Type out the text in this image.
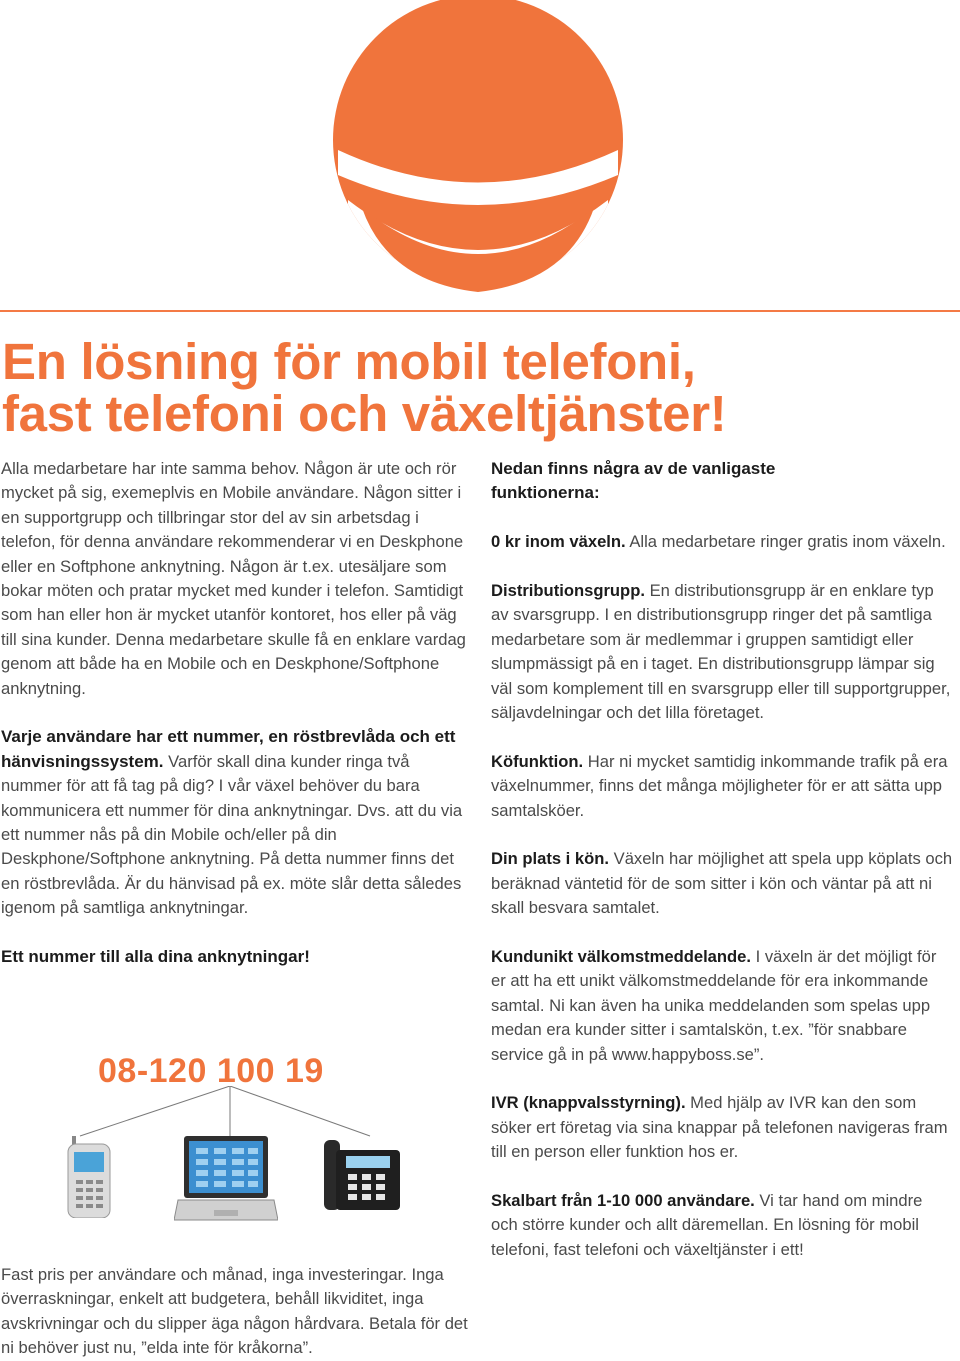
En lösning för mobil telefoni,
fast telefoni och växeltjänster!

Alla medarbetare har inte samma behov. Någon är ute och rör mycket på sig, exemeplvis en Mobile användare. Någon sitter i en supportgrupp och tillbringar stor del av sin arbetsdag i telefon, för denna användare rekommenderar vi en Deskphone eller en Softphone anknytning. Någon är t.ex. utesäljare som bokar möten och pratar mycket med kunder i telefon. Samtidigt som han eller hon är mycket utanför kontoret, hos eller på väg till sina kunder. Denna medarbetare skulle få en enklare vardag genom att både ha en Mobile och en Deskphone/Softphone anknytning.

Varje användare har ett nummer, en röstbrevlåda och ett hänvisningssystem. Varför skall dina kunder ringa två nummer för att få tag på dig? I vår växel behöver du bara kommunicera ett nummer för dina anknytningar. Dvs. att du via ett nummer nås på din Mobile och/eller på din Deskphone/Softphone anknytning. På detta nummer finns det en röstbrevlåda. Är du hänvisad på ex. möte slår detta således igenom på samtliga anknytningar.

Ett nummer till alla dina anknytningar!

08-120 100 19

Fast pris per användare och månad, inga investeringar. Inga överraskningar, enkelt att budgetera, behåll likviditet, inga avskrivningar och du slipper äga någon hårdvara. Betala för det ni behöver just nu, ”elda inte för kråkorna”.

Nedan finns några av de vanligaste funktionerna:

0 kr inom växeln. Alla medarbetare ringer gratis inom växeln.

Distributionsgrupp. En distributionsgrupp är en enklare typ av svarsgrupp. I en distributionsgrupp ringer det på samtliga medarbetare som är medlemmar i gruppen samtidigt eller slumpmässigt på en i taget. En distributionsgrupp lämpar sig väl som komplement till en svarsgrupp eller till supportgrupper, säljavdelningar och det lilla företaget.

Köfunktion. Har ni mycket samtidig inkommande trafik på era växelnummer, finns det många möjligheter för er att sätta upp samtalsköer.

Din plats i kön. Växeln har möjlighet att spela upp köplats och beräknad väntetid för de som sitter i kön och väntar på att ni skall besvara samtalet.

Kundunikt välkomstmeddelande. I växeln är det möjligt för er att ha ett unikt välkomstmeddelande för era inkommande samtal. Ni kan även ha unika meddelanden som spelas upp medan era kunder sitter i samtalskön, t.ex. ”för snabbare service gå in på www.happyboss.se”.

IVR (knappvalsstyrning). Med hjälp av IVR kan den som söker ert företag via sina knappar på telefonen navigeras fram till en person eller funktion hos er.

Skalbart från 1-10 000 användare. Vi tar hand om mindre och större kunder och allt däremellan. En lösning för mobil telefoni, fast telefoni och växeltjänster i ett!
